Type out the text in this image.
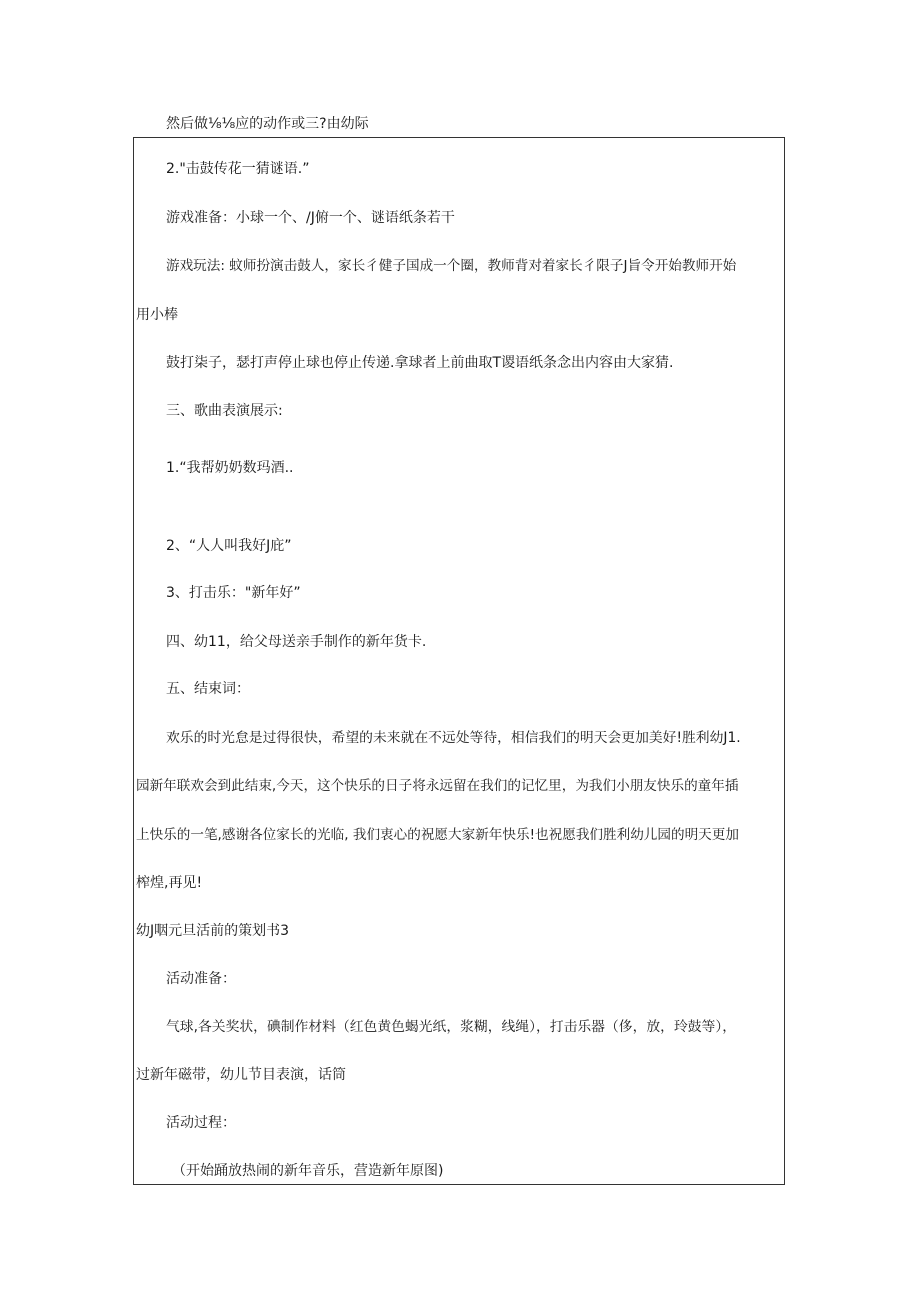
然后做⅛⅛应的动作或三?由幼际
2."击鼓传花一猜谜语.”
游戏准备：小球一个、/J俯一个、谜语纸条若干
游戏玩法: 蚊师扮演击鼓人，家长彳健子国成一个圈，教师背对着家长彳限子J旨令开始教师开始
用小棒
鼓打柒子，瑟打声停止球也停止传递.拿球者上前曲取T谡语纸条念出内容由大家猜.
三、歌曲表演展示:
1.“我帮奶奶数玛酒..
2、“人人叫我好J庇”
3、打击乐："新年好”
四、幼11，给父母送亲手制作的新年货卡.
五、结束词：
欢乐的时光怠是过得很快，希望的未来就在不远处等待，相信我们的明天会更加美好!胜利幼J1.
园新年联欢会到此结束,今天，这个快乐的日子将永远留在我们的记忆里，为我们小朋友快乐的童年插
上快乐的一笔,感谢各位家长的光临, 我们衷心的祝愿大家新年快乐!也祝愿我们胜利幼儿园的明天更加
榨煌,再见!
幼J咽元旦活前的策划书3
活动准备：
气球,各关奖状，碘制作材料（红色黄色蝎光纸，浆糊，线绳），打击乐器（侈，放，玲鼓等），
过新年磁带，幼儿节目表演，话筒
活动过程：
（开始踊放热闹的新年音乐，营造新年原图)
